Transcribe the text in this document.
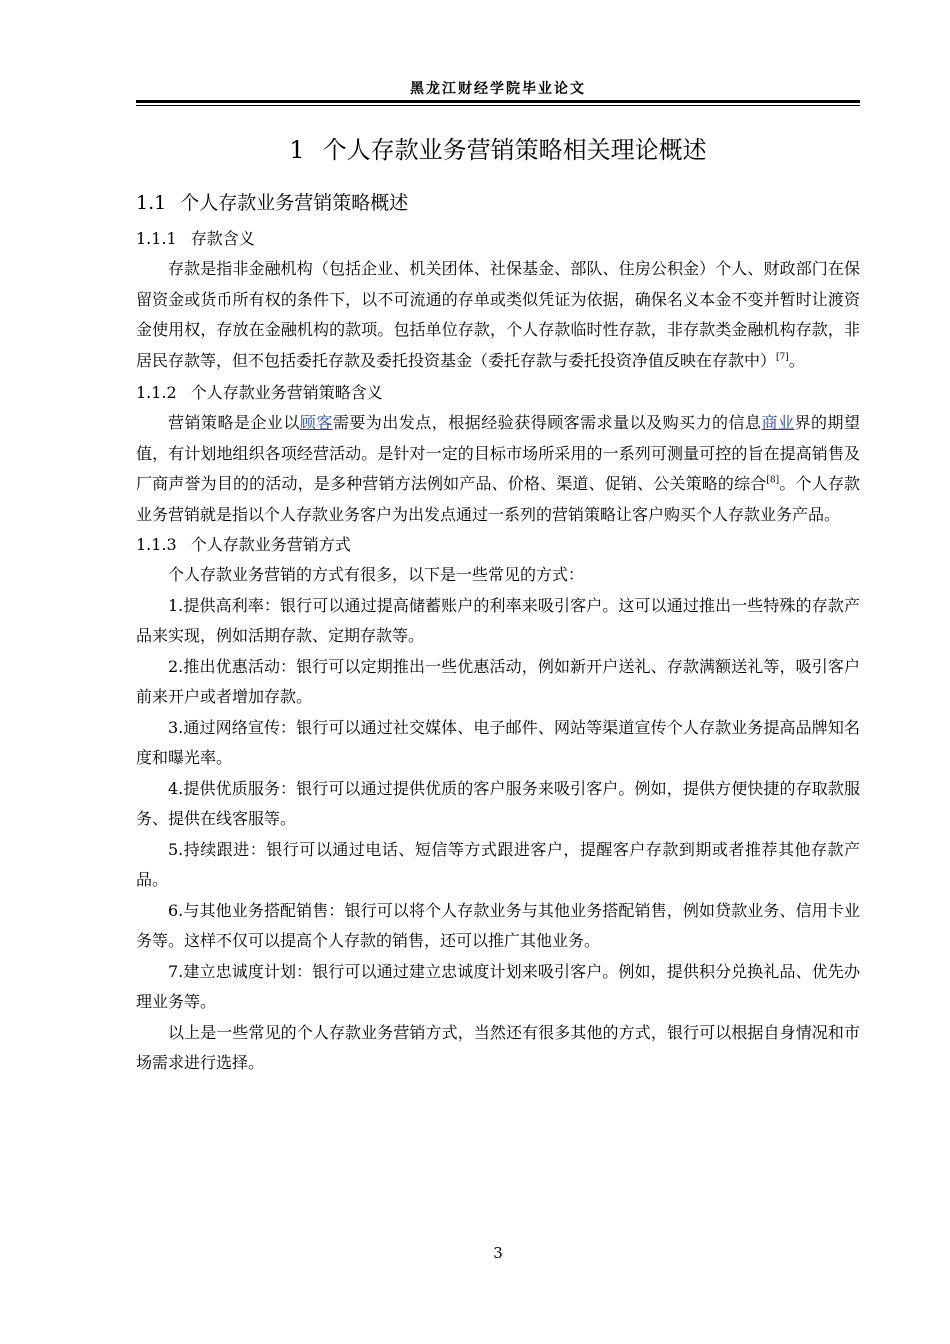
黑龙江财经学院毕业论文
1 个人存款业务营销策略相关理论概述
1.1 个人存款业务营销策略概述
1.1.1 存款含义

存款是指非金融机构（包括企业、机关团体、社保基金、部队、住房公积金）个人、财政部门在保留资金或货币所有权的条件下，以不可流通的存单或类似凭证为依据，确保名义本金不变并暂时让渡资金使用权，存放在金融机构的款项。包括单位存款，个人存款临时性存款，非存款类金融机构存款，非居民存款等，但不包括委托存款及委托投资基金（委托存款与委托投资净值反映在存款中）[7]。

1.1.2 个人存款业务营销策略含义

营销策略是企业以顾客需要为出发点，根据经验获得顾客需求量以及购买力的信息商业界的期望值，有计划地组织各项经营活动。是针对一定的目标市场所采用的一系列可测量可控的旨在提高销售及厂商声誉为目的的活动，是多种营销方法例如产品、价格、渠道、促销、公关策略的综合[8]。个人存款业务营销就是指以个人存款业务客户为出发点通过一系列的营销策略让客户购买个人存款业务产品。

1.1.3 个人存款业务营销方式

个人存款业务营销的方式有很多，以下是一些常见的方式：

1.提供高利率：银行可以通过提高储蓄账户的利率来吸引客户。这可以通过推出一些特殊的存款产品来实现，例如活期存款、定期存款等。

2.推出优惠活动：银行可以定期推出一些优惠活动，例如新开户送礼、存款满额送礼等，吸引客户前来开户或者增加存款。

3.通过网络宣传：银行可以通过社交媒体、电子邮件、网站等渠道宣传个人存款业务提高品牌知名度和曝光率。

4.提供优质服务：银行可以通过提供优质的客户服务来吸引客户。例如，提供方便快捷的存取款服务、提供在线客服等。

5.持续跟进：银行可以通过电话、短信等方式跟进客户，提醒客户存款到期或者推荐其他存款产品。

6.与其他业务搭配销售：银行可以将个人存款业务与其他业务搭配销售，例如贷款业务、信用卡业务等。这样不仅可以提高个人存款的销售，还可以推广其他业务。

7.建立忠诚度计划：银行可以通过建立忠诚度计划来吸引客户。例如，提供积分兑换礼品、优先办理业务等。

以上是一些常见的个人存款业务营销方式，当然还有很多其他的方式，银行可以根据自身情况和市场需求进行选择。

3
